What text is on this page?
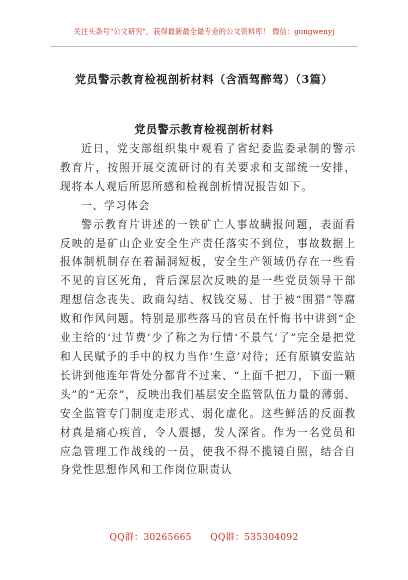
关注头条号"公文研究"，获得最新最全最专业的公文资料库！ 微信：gongwenyj
党员警示教育检视剖析材料（含酒驾醉驾）（3篇）
党员警示教育检视剖析材料

近日，党支部组织集中观看了省纪委监委录制的警示教育片，按照开展交流研讨的有关要求和支部统一安排，现将本人观后所思所感和检视剖析情况报告如下。

一、学习体会

警示教育片讲述的一铁矿亡人事故瞒报问题，表面看反映的是矿山企业安全生产责任落实不到位，事故数据上报体制机制存在着漏洞短板，安全生产领域仍存在一些看不见的盲区死角，背后深层次反映的是一些党员领导干部理想信念丧失、政商勾结、权钱交易、甘于被“围猎”等腐败和作风问题。特别是那些落马的官员在忏悔书中讲到“企业主给的‘过节费’少了称之为行情‘不景气’了”完全是把党和人民赋予的手中的权力当作‘生意’对待；还有原镇安监站长讲到他连年背处分都背不过来、“上面千把刀，下面一颗头”的“无奈”，反映出我们基层安全监管队伍力量的薄弱、安全监管专门制度走形式、弱化虚化。这些鲜活的反面教材真是痛心疾首，令人震撼，发人深省。作为一名党员和应急管理工作战线的一员，使我不得不揽镜自照，结合自身党性思想作风和工作岗位职责认

QQ群：30265665　　QQ群：535304092
